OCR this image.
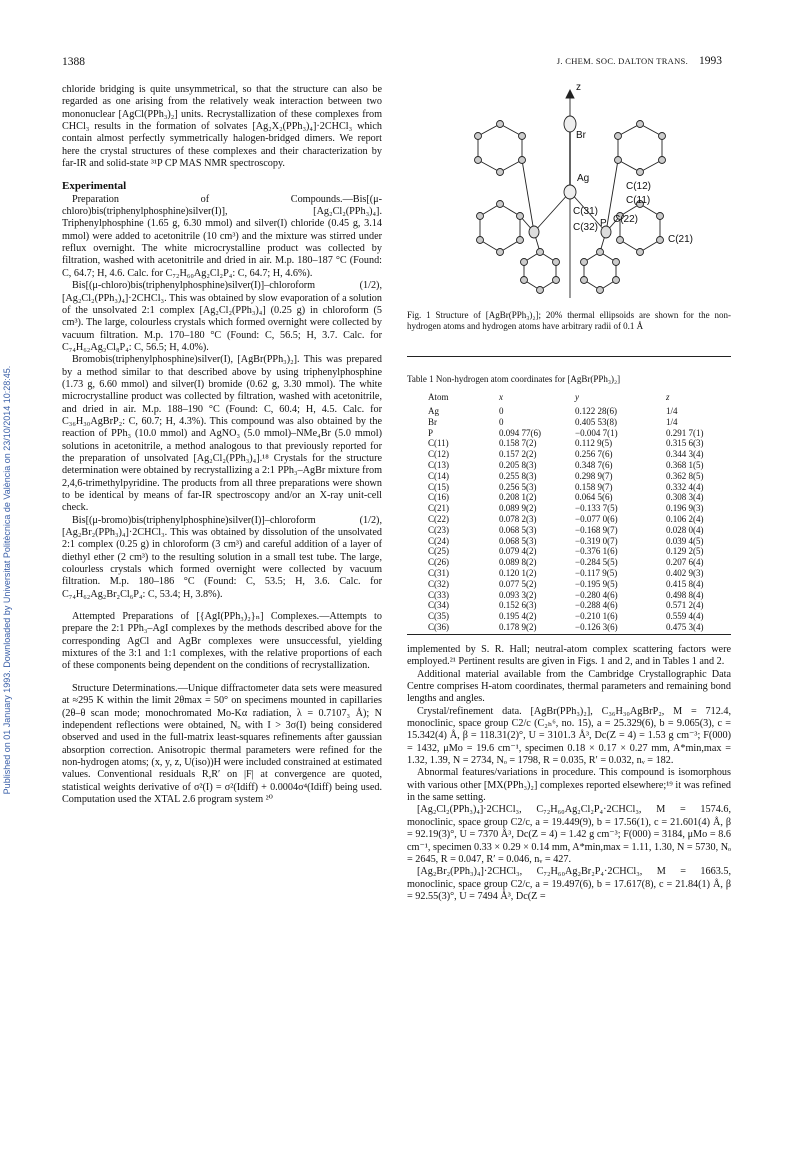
1388	J. CHEM. SOC. DALTON TRANS. 1993
Published on 01 January 1993. Downloaded by Universitat Politècnica de València on 23/10/2014 10:28:45.

chloride bridging is quite unsymmetrical, so that the structure can also be regarded as one arising from the relatively weak interaction between two mononuclear [AgCl(PPh₃)₂] units. Recrystallization of these complexes from CHCl₃ results in the formation of solvates [Ag₂X₂(PPh₃)₄]·2CHCl₃ which contain almost perfectly symmetrically halogen-bridged dimers. We report here the crystal structures of these complexes and their characterization by far-IR and solid-state ³¹P CP MAS NMR spectroscopy.

Experimental

Preparation of Compounds.—Bis[(μ-chloro)bis(triphenylphosphine)silver(I)], [Ag₂Cl₂(PPh₃)₄]. Triphenylphosphine (1.65 g, 6.30 mmol) and silver(I) chloride (0.45 g, 3.14 mmol) were added to acetonitrile (10 cm³) and the mixture was stirred under reflux overnight. The white microcrystalline product was collected by filtration, washed with acetonitrile and dried in air. M.p. 180–187 °C (Found: C, 64.7; H, 4.6. Calc. for C₇₂H₆₀Ag₂Cl₂P₄: C, 64.7; H, 4.6%).

Bis[(μ-chloro)bis(triphenylphosphine)silver(I)]–chloroform (1/2), [Ag₂Cl₂(PPh₃)₄]·2CHCl₃. This was obtained by slow evaporation of a solution of the unsolvated 2:1 complex [Ag₂Cl₂(PPh₃)₄] (0.25 g) in chloroform (5 cm³). The large, colourless crystals which formed overnight were collected by vacuum filtration. M.p. 170–180 °C (Found: C, 56.5; H, 3.7. Calc. for C₇₄H₆₂Ag₂Cl₈P₄: C, 56.5; H, 4.0%).

Bromobis(triphenylphosphine)silver(I), [AgBr(PPh₃)₂]. This was prepared by a method similar to that described above by using triphenylphosphine (1.73 g, 6.60 mmol) and silver(I) bromide (0.62 g, 3.30 mmol). The white microcrystalline product was collected by filtration, washed with acetonitrile, and dried in air. M.p. 188–190 °C (Found: C, 60.4; H, 4.5. Calc. for C₃₆H₃₀AgBrP₂: C, 60.7; H, 4.3%). This compound was also obtained by the reaction of PPh₃ (10.0 mmol) and AgNO₃ (5.0 mmol)–NMe₄Br (5.0 mmol) solutions in acetonitrile, a method analogous to that previously reported for the preparation of unsolvated [Ag₂Cl₂(PPh₃)₄].¹⁸ Crystals for the structure determination were obtained by recrystallizing a 2:1 PPh₃–AgBr mixture from 2,4,6-trimethylpyridine. The products from all three preparations were shown to be identical by means of far-IR spectroscopy and/or an X-ray unit-cell check.

Bis[(μ-bromo)bis(triphenylphosphine)silver(I)]–chloroform (1/2), [Ag₂Br₂(PPh₃)₄]·2CHCl₃. This was obtained by dissolution of the unsolvated 2:1 complex (0.25 g) in chloroform (3 cm³) and careful addition of a layer of diethyl ether (2 cm³) to the resulting solution in a small test tube. The large, colourless crystals which formed overnight were collected by vacuum filtration. M.p. 180–186 °C (Found: C, 53.5; H, 3.6. Calc. for C₇₄H₆₂Ag₂Br₂Cl₆P₄: C, 53.4; H, 3.8%).

Attempted Preparations of [{AgI(PPh₃)₂}ₙ] Complexes.—Attempts to prepare the 2:1 PPh₃–AgI complexes by the methods described above for the corresponding AgCl and AgBr complexes were unsuccessful, yielding mixtures of the 3:1 and 1:1 complexes, with the relative proportions of each of these components being dependent on the conditions of recrystallization.

Structure Determinations.—Unique diffractometer data sets were measured at ≈295 K within the limit 2θmax = 50° on specimens mounted in capillaries (2θ–θ scan mode; monochromated Mo-Kα radiation, λ = 0.7107₃ Å); N independent reflections were obtained, Nₒ with I > 3σ(I) being considered observed and used in the full-matrix least-squares refinements after gaussian absorption correction. Anisotropic thermal parameters were refined for the non-hydrogen atoms; (x, y, z, U(iso))H were included constrained at estimated values. Conventional residuals R,R′ on |F| at convergence are quoted, statistical weights derivative of σ²(I) = σ²(Idiff) + 0.0004σ⁴(Idiff) being used. Computation used the XTAL 2.6 program system ²⁰

z
Br
Ag
C(12)
C(11)
C(31)
P C(22)
C(32)
C(21)
Fig. 1 Structure of [AgBr(PPh₃)₂]; 20% thermal ellipsoids are shown for the non-hydrogen atoms and hydrogen atoms have arbitrary radii of 0.1 Å
Table 1 Non-hydrogen atom coordinates for [AgBr(PPh₃)₂]
Atom	x	y	z
Ag	0	0.122 28(6)	1/4
Br	0	0.405 53(8)	1/4
P	0.094 77(6)	−0.004 7(1)	0.291 7(1)
C(11)	0.158 7(2)	0.112 9(5)	0.315 6(3)
C(12)	0.157 2(2)	0.256 7(6)	0.344 3(4)
C(13)	0.205 8(3)	0.348 7(6)	0.368 1(5)
C(14)	0.255 8(3)	0.298 9(7)	0.362 8(5)
C(15)	0.256 5(3)	0.158 9(7)	0.332 4(4)
C(16)	0.208 1(2)	0.064 5(6)	0.308 3(4)
C(21)	0.089 9(2)	−0.133 7(5)	0.196 9(3)
C(22)	0.078 2(3)	−0.077 0(6)	0.106 2(4)
C(23)	0.068 5(3)	−0.168 9(7)	0.028 0(4)
C(24)	0.068 5(3)	−0.319 0(7)	0.039 4(5)
C(25)	0.079 4(2)	−0.376 1(6)	0.129 2(5)
C(26)	0.089 8(2)	−0.284 5(5)	0.207 6(4)
C(31)	0.120 1(2)	−0.117 9(5)	0.402 9(3)
C(32)	0.077 5(2)	−0.195 9(5)	0.415 8(4)
C(33)	0.093 3(2)	−0.280 4(6)	0.498 8(4)
C(34)	0.152 6(3)	−0.288 4(6)	0.571 2(4)
C(35)	0.195 4(2)	−0.210 1(6)	0.559 4(4)
C(36)	0.178 9(2)	−0.126 3(6)	0.475 3(4)

implemented by S. R. Hall; neutral-atom complex scattering factors were employed.²¹ Pertinent results are given in Figs. 1 and 2, and in Tables 1 and 2.

Additional material available from the Cambridge Crystallographic Data Centre comprises H-atom coordinates, thermal parameters and remaining bond lengths and angles.

Crystal/refinement data. [AgBr(PPh₃)₂], C₃₆H₃₀AgBrP₂, M = 712.4, monoclinic, space group C2/c (C₂ₕ⁶, no. 15), a = 25.329(6), b = 9.065(3), c = 15.342(4) Å, β = 118.31(2)°, U = 3101.3 Å³, Dc(Z = 4) = 1.53 g cm⁻³; F(000) = 1432, μMo = 19.6 cm⁻¹, specimen 0.18 × 0.17 × 0.27 mm, A*min,max = 1.32, 1.39, N = 2734, Nₒ = 1798, R = 0.035, R′ = 0.032, nᵥ = 182.

Abnormal features/variations in procedure. This compound is isomorphous with various other [MX(PPh₃)₂] complexes reported elsewhere;¹⁹ it was refined in the same setting.

[Ag₂Cl₂(PPh₃)₄]·2CHCl₃, C₇₂H₆₀Ag₂Cl₂P₄·2CHCl₃, M = 1574.6, monoclinic, space group C2/c, a = 19.449(9), b = 17.56(1), c = 21.601(4) Å, β = 92.19(3)°, U = 7370 Å³, Dc(Z = 4) = 1.42 g cm⁻³; F(000) = 3184, μMo = 8.6 cm⁻¹, specimen 0.33 × 0.29 × 0.14 mm, A*min,max = 1.11, 1.30, N = 5730, Nₒ = 2645, R = 0.047, R′ = 0.046, nᵥ = 427.

[Ag₂Br₂(PPh₃)₄]·2CHCl₃, C₇₂H₆₀Ag₂Br₂P₄·2CHCl₃, M = 1663.5, monoclinic, space group C2/c, a = 19.497(6), b = 17.617(8), c = 21.84(1) Å, β = 92.55(3)°, U = 7494 Å³, Dc(Z =
